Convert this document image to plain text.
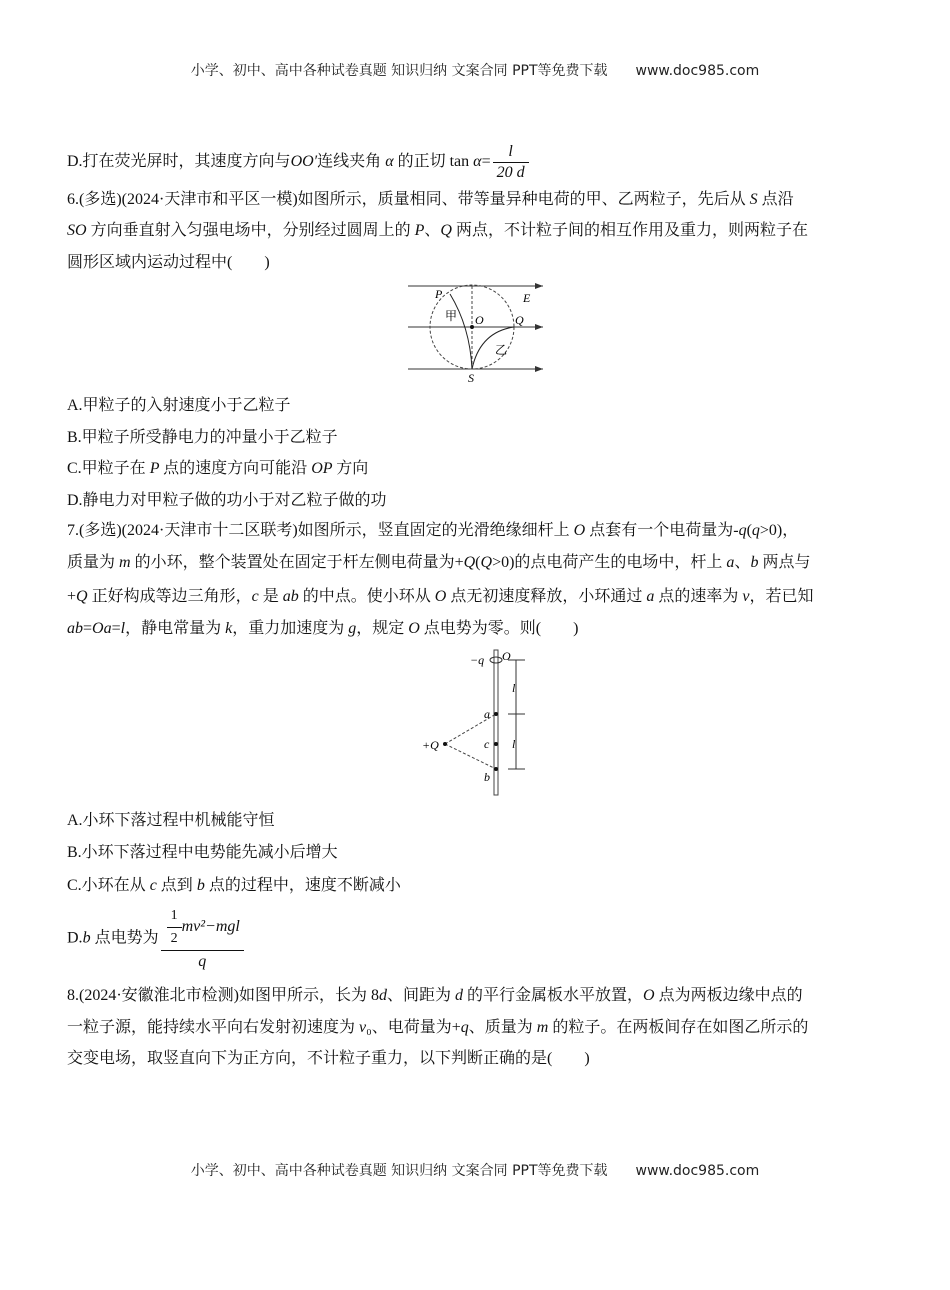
小学、初中、高中各种试卷真题 知识归纳 文案合同 PPT等免费下载 www.doc985.com
D.打在荧光屏时，其速度方向与OO′连线夹角 α 的正切 $\tan \alpha= \frac{l}{20 d}$
6.(多选)(2024·天津市和平区一模)如图所示，质量相同、带等量异种电荷的甲、乙两粒子，先后从 S 点沿
SO 方向垂直射入匀强电场中，分别经过圆周上的 P、Q 两点，不计粒子间的相互作用及重力，则两粒子在
圆形区域内运动过程中(　　)
P	E
O	Q
S
甲
乙
A.甲粒子的入射速度小于乙粒子
B.甲粒子所受静电力的冲量小于乙粒子
C.甲粒子在 P 点的速度方向可能沿 OP 方向
D.静电力对甲粒子做的功小于对乙粒子做的功
7.(多选)(2024·天津市十二区联考)如图所示，竖直固定的光滑绝缘细杆上 O 点套有一个电荷量为-q(q>0)，
质量为 m 的小环，整个装置处在固定于杆左侧电荷量为+Q(Q>0)的点电荷产生的电场中，杆上 a、b 两点与
+Q 正好构成等边三角形，c 是 ab 的中点。使小环从 O 点无初速度释放，小环通过 a 点的速率为 v，若已知
ab=Oa=l，静电常量为 k，重力加速度为 g，规定 O 点电势为零。则(　　)
−q O
l
l
a
c
b
+Q
A.小环下落过程中机械能守恒
B.小环下落过程中电势能先减小后增大
C.小环在从 c 点到 b 点的过程中，速度不断减小
D.b 点电势为 $\frac{\frac{1}{2} mv^2-mgl}{q}$
8.(2024·安徽淮北市检测)如图甲所示，长为 8d、间距为 d 的平行金属板水平放置，O 点为两板边缘中点的
一粒子源，能持续水平向右发射初速度为 v₀、电荷量为+q、质量为 m 的粒子。在两板间存在如图乙所示的
交变电场，取竖直向下为正方向，不计粒子重力，以下判断正确的是(　　)
小学、初中、高中各种试卷真题 知识归纳 文案合同 PPT等免费下载 www.doc985.com
